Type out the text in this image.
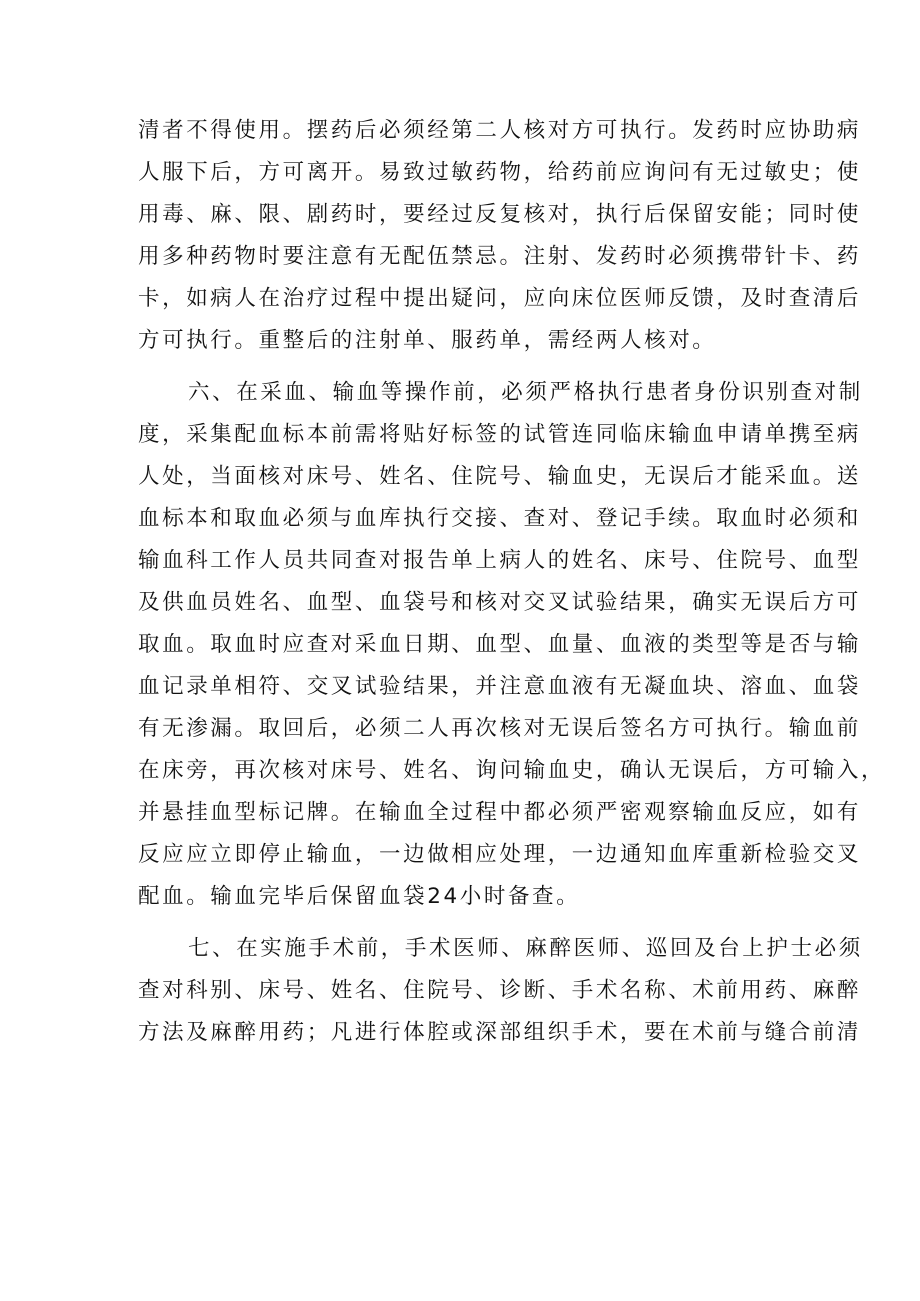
清者不得使用。摆药后必须经第二人核对方可执行。发药时应协助病
人服下后，方可离开。易致过敏药物，给药前应询问有无过敏史；使
用毒、麻、限、剧药时，要经过反复核对，执行后保留安能；同时使
用多种药物时要注意有无配伍禁忌。注射、发药时必须携带针卡、药
卡，如病人在治疗过程中提出疑问，应向床位医师反馈，及时查清后
方可执行。重整后的注射单、服药单，需经两人核对。
六、在采血、输血等操作前，必须严格执行患者身份识别查对制
度，采集配血标本前需将贴好标签的试管连同临床输血申请单携至病
人处，当面核对床号、姓名、住院号、输血史，无误后才能采血。送
血标本和取血必须与血库执行交接、查对、登记手续。取血时必须和
输血科工作人员共同查对报告单上病人的姓名、床号、住院号、血型
及供血员姓名、血型、血袋号和核对交叉试验结果，确实无误后方可
取血。取血时应查对采血日期、血型、血量、血液的类型等是否与输
血记录单相符、交叉试验结果，并注意血液有无凝血块、溶血、血袋
有无渗漏。取回后，必须二人再次核对无误后签名方可执行。输血前
在床旁，再次核对床号、姓名、询问输血史，确认无误后，方可输入，
并悬挂血型标记牌。在输血全过程中都必须严密观察输血反应，如有
反应应立即停止输血，一边做相应处理，一边通知血库重新检验交叉
配血。输血完毕后保留血袋24小时备查。
七、在实施手术前，手术医师、麻醉医师、巡回及台上护士必须
查对科别、床号、姓名、住院号、诊断、手术名称、术前用药、麻醉
方法及麻醉用药；凡进行体腔或深部组织手术，要在术前与缝合前清
